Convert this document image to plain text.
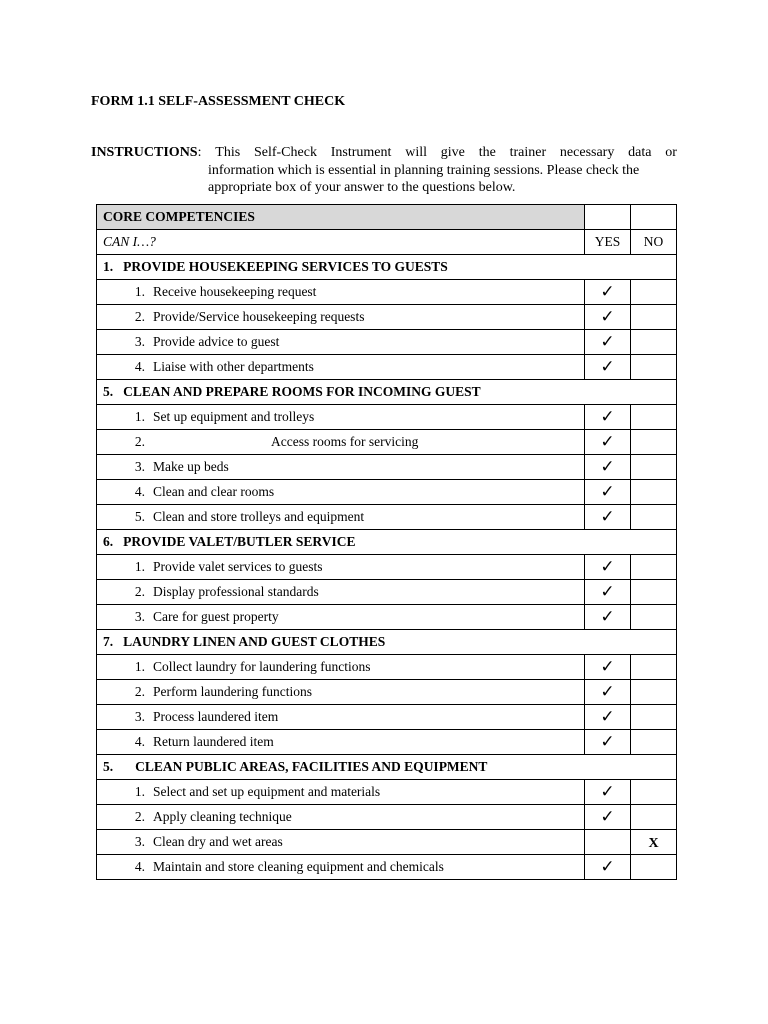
FORM 1.1 SELF-ASSESSMENT CHECK
INSTRUCTIONS: This Self-Check Instrument will give the trainer necessary data or
information which is essential in planning training sessions. Please check the
appropriate box of your answer to the questions below.
CORE COMPETENCIES		
CAN I…?	YES	NO
1. PROVIDE HOUSEKEEPING SERVICES TO GUESTS		
1. Receive housekeeping request	✓	
2. Provide/Service housekeeping requests	✓	
3. Provide advice to guest	✓	
4. Liaise with other departments	✓	
5. CLEAN AND PREPARE ROOMS FOR INCOMING GUEST		
1. Set up equipment and trolleys	✓	
2. Access rooms for servicing	✓	
3. Make up beds	✓	
4. Clean and clear rooms	✓	
5. Clean and store trolleys and equipment	✓	
6. PROVIDE VALET/BUTLER SERVICE		
1. Provide valet services to guests	✓	
2. Display professional standards	✓	
3. Care for guest property	✓	
7. LAUNDRY LINEN AND GUEST CLOTHES		
1. Collect laundry for laundering functions	✓	
2. Perform laundering functions	✓	
3. Process laundered item	✓	
4. Return laundered item	✓	
5. CLEAN PUBLIC AREAS, FACILITIES AND EQUIPMENT		
1. Select and set up equipment and materials	✓	
2. Apply cleaning technique	✓	
3. Clean dry and wet areas		X
4. Maintain and store cleaning equipment and chemicals	✓	
